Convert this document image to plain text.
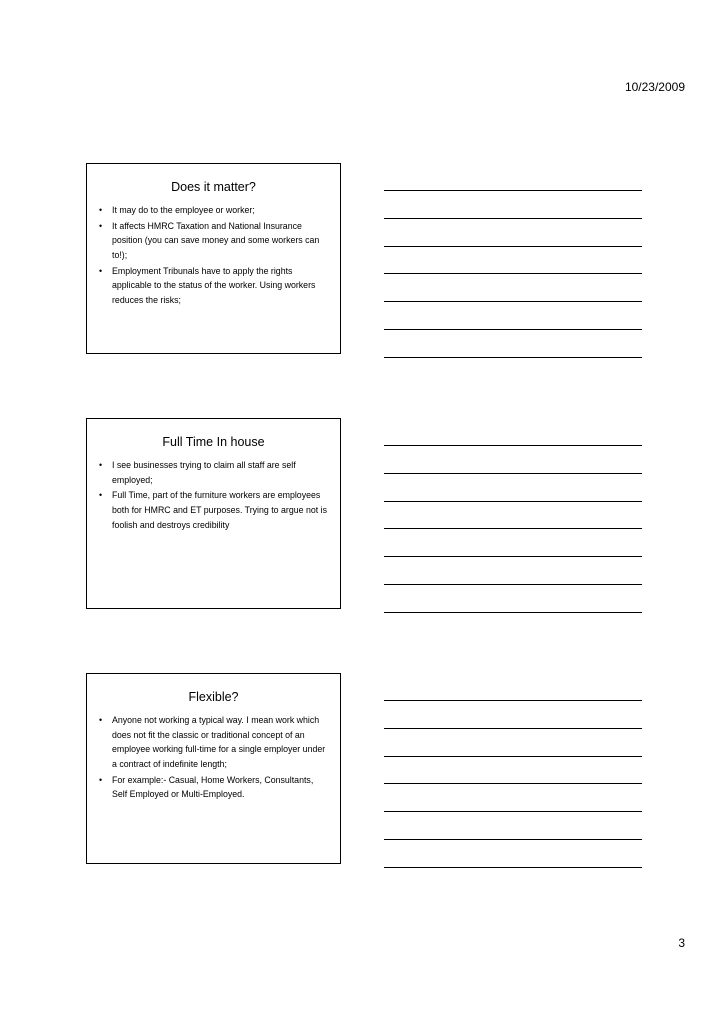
10/23/2009
Does it matter?
• It may do to the employee or worker;
• It affects HMRC Taxation and National Insurance position (you can save money and some workers can to!);
• Employment Tribunals have to apply the rights applicable to the status of the worker. Using workers reduces the risks;
Full Time In house
• I see businesses trying to claim all staff are self employed;
• Full Time, part of the furniture workers are employees both for HMRC and ET purposes. Trying to argue not is foolish and destroys credibility
Flexible?
• Anyone not working a typical way. I mean work which does not fit the classic or traditional concept of an employee working full-time for a single employer under a contract of indefinite length;
• For example:- Casual, Home Workers, Consultants, Self Employed or Multi-Employed.
3
